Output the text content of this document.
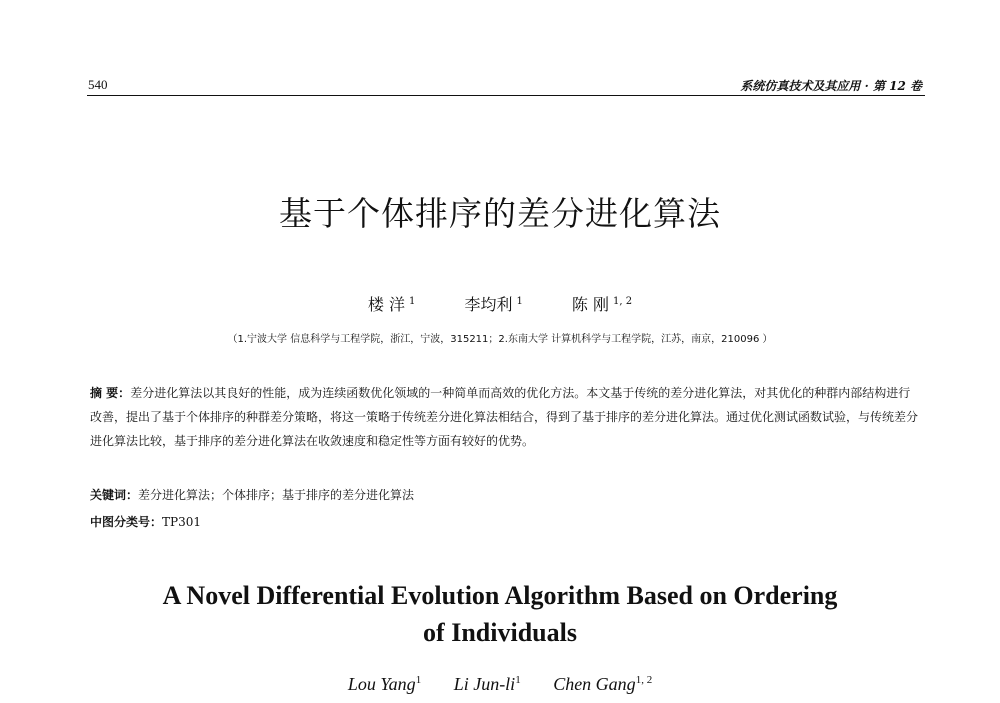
540	系统仿真技术及其应用 · 第 12 卷
基于个体排序的差分进化算法
楼 洋 $^1$	李均利 $^1$	陈 刚 $^{1, 2}$
（1.宁波大学 信息科学与工程学院，浙江，宁波，315211；2.东南大学 计算机科学与工程学院，江苏，南京，210096 ）
摘 要：差分进化算法以其良好的性能，成为连续函数优化领域的一种简单而高效的优化方法。本文基于传统的差分进化算法，对其优化的种群内部结构进行改善，提出了基于个体排序的种群差分策略，将这一策略于传统差分进化算法相结合，得到了基于排序的差分进化算法。通过优化测试函数试验，与传统差分进化算法比较，基于排序的差分进化算法在收敛速度和稳定性等方面有较好的优势。
关键词：差分进化算法；个体排序；基于排序的差分进化算法
中图分类号：TP301
A Novel Differential Evolution Algorithm Based on Ordering
of Individuals
Lou Yang$^1$ Li Jun-$li^1$ Chen Gang$^{1, 2}$
